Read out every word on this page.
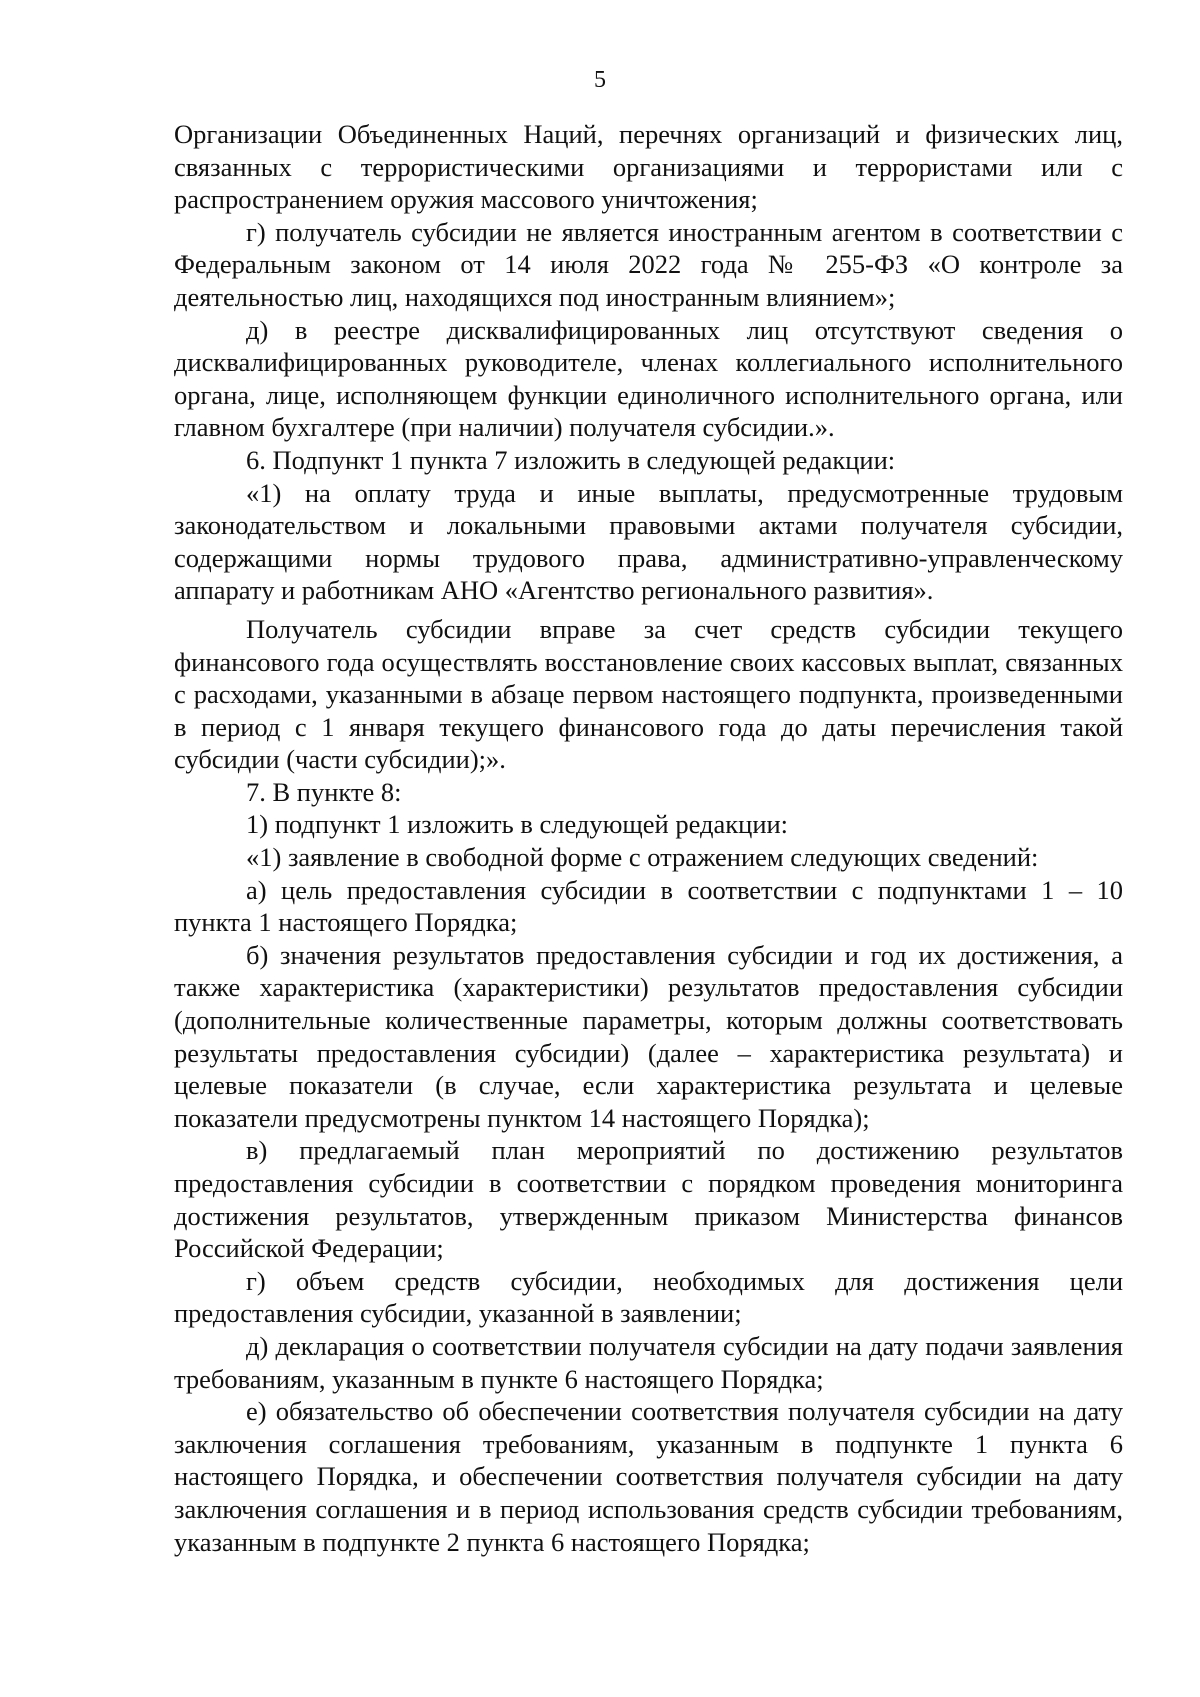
5

Организации Объединенных Наций, перечнях организаций и физических лиц, связанных с террористическими организациями и террористами или с распространением оружия массового уничтожения;

г) получатель субсидии не является иностранным агентом в соответствии с Федеральным законом от 14 июля 2022 года № 255-ФЗ «О контроле за деятельностью лиц, находящихся под иностранным влиянием»;

д) в реестре дисквалифицированных лиц отсутствуют сведения о дисквалифицированных руководителе, членах коллегиального исполнительного органа, лице, исполняющем функции единоличного исполнительного органа, или главном бухгалтере (при наличии) получателя субсидии.».

6. Подпункт 1 пункта 7 изложить в следующей редакции:

«1) на оплату труда и иные выплаты, предусмотренные трудовым законодательством и локальными правовыми актами получателя субсидии, содержащими нормы трудового права, административно-управленческому аппарату и работникам АНО «Агентство регионального развития».

Получатель субсидии вправе за счет средств субсидии текущего финансового года осуществлять восстановление своих кассовых выплат, связанных с расходами, указанными в абзаце первом настоящего подпункта, произведенными в период с 1 января текущего финансового года до даты перечисления такой субсидии (части субсидии);».

7. В пункте 8:

1) подпункт 1 изложить в следующей редакции:

«1) заявление в свободной форме с отражением следующих сведений:

а) цель предоставления субсидии в соответствии с подпунктами 1 – 10 пункта 1 настоящего Порядка;

б) значения результатов предоставления субсидии и год их достижения, а также характеристика (характеристики) результатов предоставления субсидии (дополнительные количественные параметры, которым должны соответствовать результаты предоставления субсидии) (далее – характеристика результата) и целевые показатели (в случае, если характеристика результата и целевые показатели предусмотрены пунктом 14 настоящего Порядка);

в) предлагаемый план мероприятий по достижению результатов предоставления субсидии в соответствии с порядком проведения мониторинга достижения результатов, утвержденным приказом Министерства финансов Российской Федерации;

г) объем средств субсидии, необходимых для достижения цели предоставления субсидии, указанной в заявлении;

д) декларация о соответствии получателя субсидии на дату подачи заявления требованиям, указанным в пункте 6 настоящего Порядка;

е) обязательство об обеспечении соответствия получателя субсидии на дату заключения соглашения требованиям, указанным в подпункте 1 пункта 6 настоящего Порядка, и обеспечении соответствия получателя субсидии на дату заключения соглашения и в период использования средств субсидии требованиям, указанным в подпункте 2 пункта 6 настоящего Порядка;
